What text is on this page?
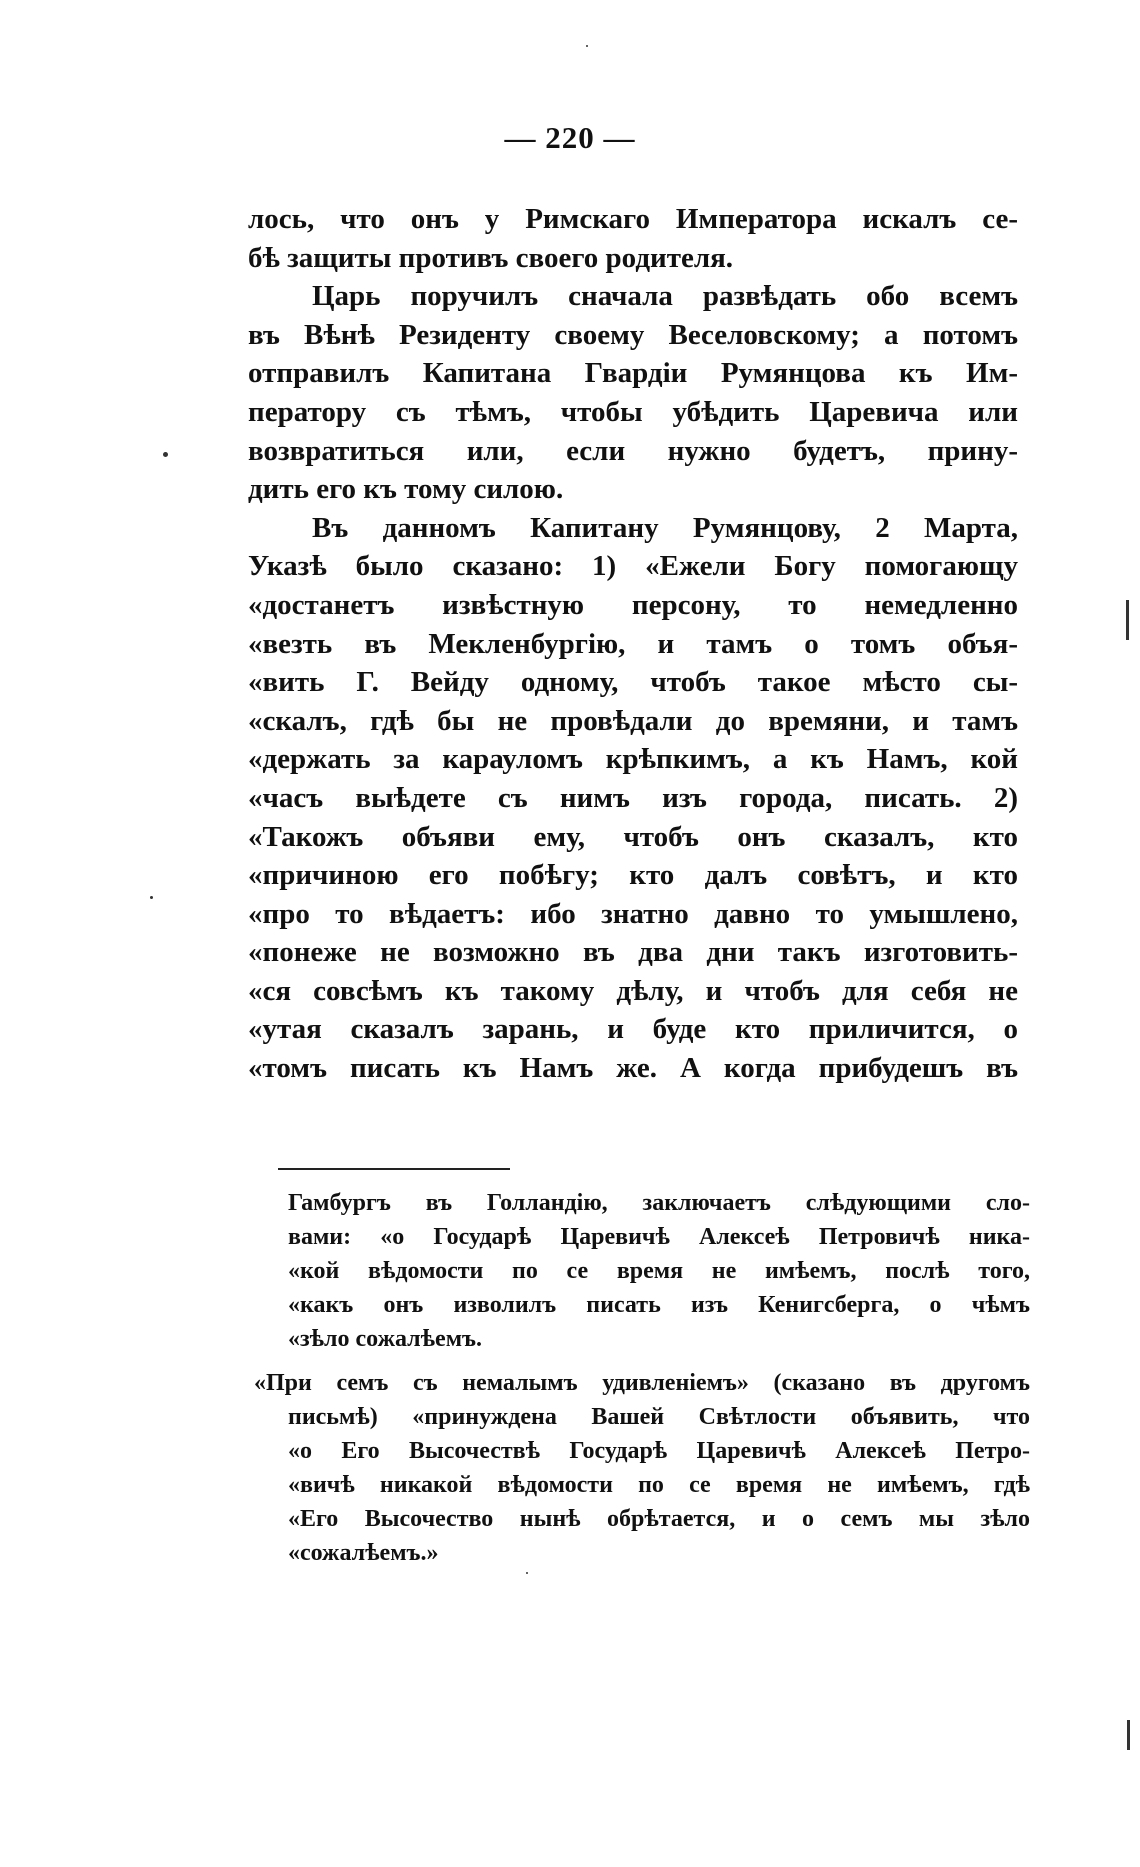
— 220 —
лось, что онъ у Римскаго Императора искалъ се-
бѣ защиты противъ своего родителя.
Царь поручилъ сначала развѣдать обо всемъ
въ Вѣнѣ Резиденту своему Веселовскому; а потомъ
отправилъ Капитана Гвардіи Румянцова къ Им-
ператору съ тѣмъ, чтобы убѣдить Царевича или
возвратиться или, если нужно будетъ, прину-
дить его къ тому силою.
Въ данномъ Капитану Румянцову, 2 Марта,
Указѣ было сказано: 1) «Ежели Богу помогающу
«достанетъ извѣстную персону, то немедленно
«везть въ Мекленбургію, и тамъ о томъ объя-
«вить Г. Вейду одному, чтобъ такое мѣсто сы-
«скалъ, гдѣ бы не провѣдали до времяни, и тамъ
«держать за карауломъ крѣпкимъ, а къ Намъ, кой
«часъ выѣдете съ нимъ изъ города, писать. 2)
«Такожъ объяви ему, чтобъ онъ сказалъ, кто
«причиною его побѣгу; кто далъ совѣтъ, и кто
«про то вѣдаетъ: ибо знатно давно то умышлено,
«понеже не возможно въ два дни такъ изготовить-
«ся совсѣмъ къ такому дѣлу, и чтобъ для себя не
«утая сказалъ зарань, и буде кто приличится, о
«томъ писать къ Намъ же. А когда прибудешъ въ
Гамбургъ въ Голландію, заключаетъ слѣдующими сло-
вами: «о Государѣ Царевичѣ Алексеѣ Петровичѣ ника-
«кой вѣдомости по се время не имѣемъ, послѣ того,
«какъ онъ изволилъ писать изъ Кенигсберга, о чѣмъ
«зѣло сожалѣемъ.
«При семъ съ немалымъ удивленіемъ» (сказано въ другомъ
письмѣ) «принуждена Вашей Свѣтлости объявить, что
«о Его Высочествѣ Государѣ Царевичѣ Алексеѣ Петро-
«вичѣ никакой вѣдомости по се время не имѣемъ, гдѣ
«Его Высочество нынѣ обрѣтается, и о семъ мы зѣло
«сожалѣемъ.»
